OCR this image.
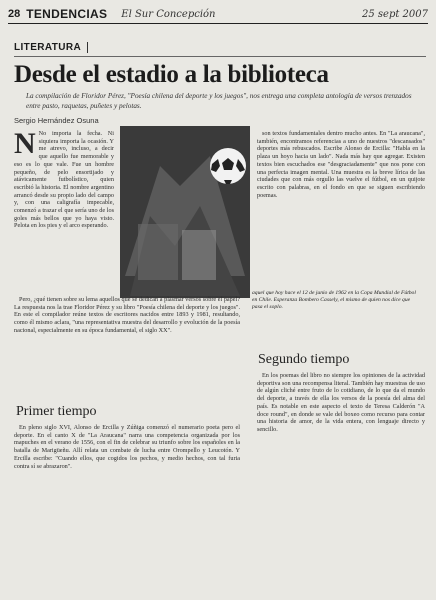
28 TENDENCIAS El Sur Concepción	25 sept 2007
LITERATURA
Desde el estadio a la biblioteca
La compilación de Floridor Pérez, "Poesía chilena del deporte y los juegos", nos entrega una completa antología de versos trenzados entre pasto, raquetas, puñetes y pelotas.
Sergio Hernández Osuna
N No importa la fecha. Ni siquiera importa la ocasión. Y me atrevo, incluso, a decir que aquello fue memorable y eso es lo que vale. Fue un hombre pequeño, de pelo ensortijado y atávicamente futbolístico, quien escribió la historia. El nombre argentino arrancó desde su propio lado del campo y, con una caligrafía impecable, comenzó a trazar el que sería uno de los goles más bellos que yo haya visto. Pelota en los pies y el arco esperando.

Pero, ¿qué tienen sobre su lema aquellos que se dedican a plasmar versos sobre el papel? La respuesta nos la trae Floridor Pérez y su libro "Poesía chilena del deporte y los juegos". En este el compilador reúne textos de escritores nacidos entre 1893 y 1981, resultando, como él mismo aclara, "una representativa muestra del desarrollo y evolución de la poesía nacional, especialmente en su época fundamental, el siglo XX".

son textos fundamentales dentro mucho antes. En "La araucana", también, encontramos referencias a uno de nuestros "descansados" deportes más rebuscados. Escribe Alonso de Ercilla: "Habla en la plaza un hoyo hacia un lado". Nada más hay que agregar. Existen textos bien escuchados ese "desgraciadamente" que nos pone con una perfecta imagen mental. Una muestra es la breve lírica de las ciudades que con más orgullo las vuelve el fútbol, en un quijote escrito con palabras, en el fondo en que se siguen escribiendo poemas.

aquel que hoy hace el 12 de junio de 1962 en la Copa Mundial de Fútbol en Chile. Esperanza Bombero Cassely, el mismo de quien nos dice que pasa el soplo.
Primer tiempo

En pleno siglo XVI, Alonso de Ercilla y Zúñiga comenzó el numerario poeta pero el deporte. En el canto X de "La Araucana" narra una competencia organizada por los mapuches en el verano de 1556, con el fin de celebrar su triunfo sobre los españoles en la batalla de Marigüeñu. Allí relata un combate de lucha entre Orompello y Leucotón. Y Ercilla escribe: "Cuando ellos, que cogidos los pechos, y medio hechos, con tal furia contra sí se abrazaron".

Segundo tiempo

En los poemas del libro no siempre los opiniones de la actividad deportiva son una recompensa literal. También hay muestras de uso de algún cliché entre fruto de lo cotidiano, de lo que da el mundo del deporte, a través de ella los versos de la poesía del alma del país. Es notable en este aspecto el texto de Teresa Calderón "A doce round", en donde se vale del boxeo como recurso para contar una historia de amor, de la vida entera, con lenguaje directo y sencillo.
